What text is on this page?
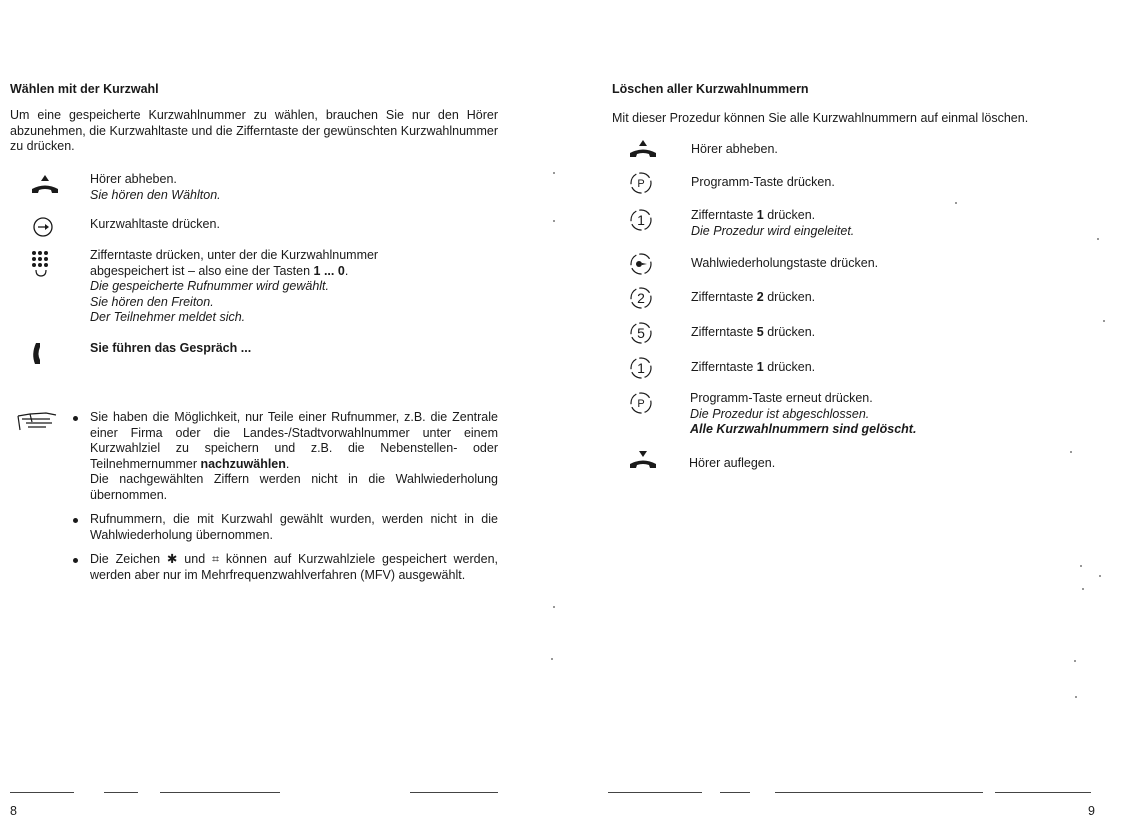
Wählen mit der Kurzwahl

Um eine gespeicherte Kurzwahlnummer zu wählen, brauchen Sie nur den Hörer abzunehmen, die Kurzwahltaste und die Zifferntaste der gewünschten Kurzwahlnummer zu drücken.

Hörer abheben.
Sie hören den Wählton.
Kurzwahltaste drücken.
Zifferntaste drücken, unter der die Kurzwahlnummer
abgespeichert ist – also eine der Tasten 1 ... 0.
Die gespeicherte Rufnummer wird gewählt.
Sie hören den Freiton.
Der Teilnehmer meldet sich.
Sie führen das Gespräch ...
Sie haben die Möglichkeit, nur Teile einer Rufnummer, z.B. die Zentrale einer Firma oder die Landes-/Stadtvorwahlnummer unter einem Kurzwahlziel zu speichern und z.B. die Nebenstellen- oder Teilnehmernummer nachzuwählen.
Die nachgewählten Ziffern werden nicht in die Wahlwiederholung übernommen.
Rufnummern, die mit Kurzwahl gewählt wurden, werden nicht in die Wahlwiederholung übernommen.
Die Zeichen ✱ und ⌗ können auf Kurzwahlziele gespeichert werden, werden aber nur im Mehrfrequenzwahlverfahren (MFV) ausgewählt.
8
Löschen aller Kurzwahlnummern

Mit dieser Prozedur können Sie alle Kurzwahlnummern auf einmal löschen.

Hörer abheben.
P	Programm-Taste drücken.
1	Zifferntaste 1 drücken.
Die Prozedur wird eingeleitet.
Wahlwiederholungstaste drücken.
2	Zifferntaste 2 drücken.
5	Zifferntaste 5 drücken.
1	Zifferntaste 1 drücken.
P	Programm-Taste erneut drücken.
Die Prozedur ist abgeschlossen.
Alle Kurzwahlnummern sind gelöscht.
Hörer auflegen.
9
